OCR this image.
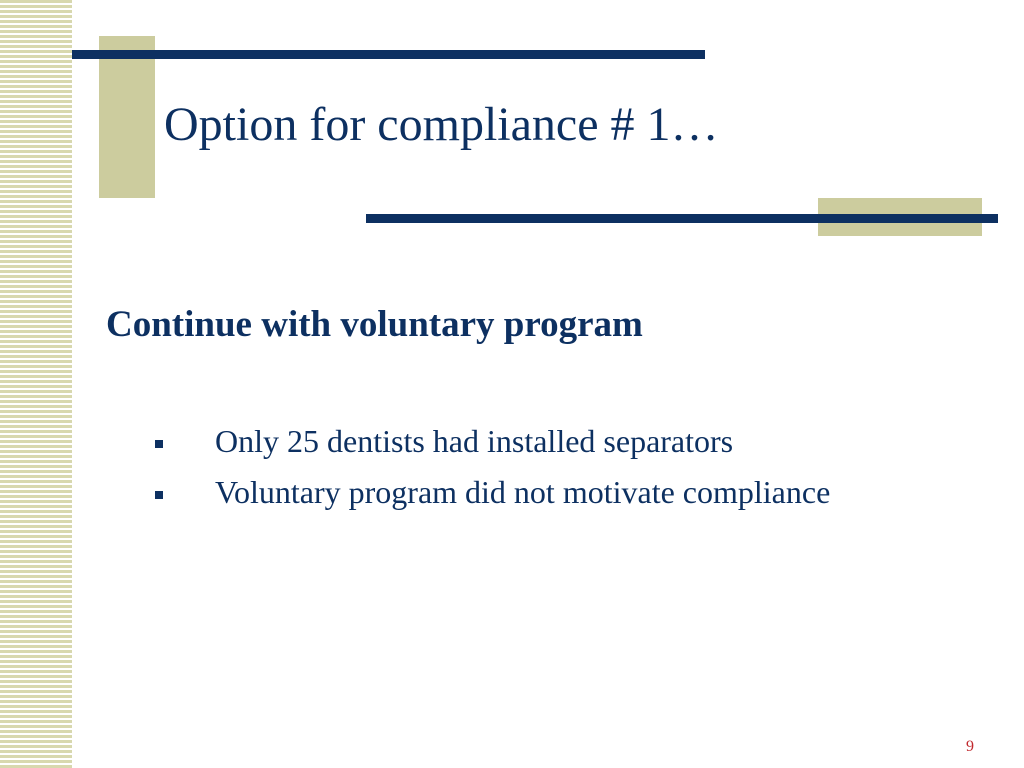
Option for compliance # 1…
Continue with voluntary program
Only 25 dentists had installed separators
Voluntary program did not motivate compliance
9
